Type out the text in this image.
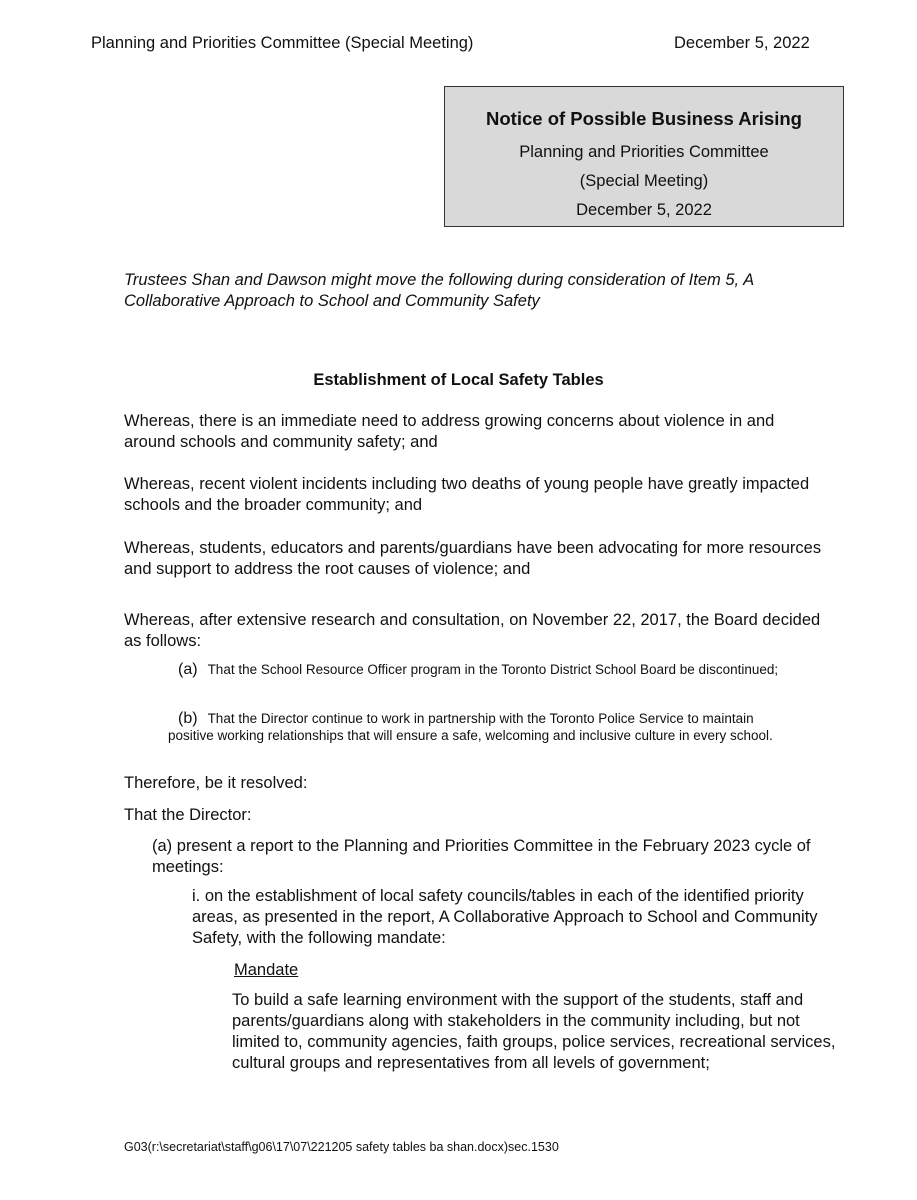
Planning and Priorities Committee (Special Meeting)	December 5, 2022
Notice of Possible Business Arising
Planning and Priorities Committee
(Special Meeting)
December 5, 2022
Trustees Shan and Dawson might move the following during consideration of Item 5, A Collaborative Approach to School and Community Safety
Establishment of Local Safety Tables
Whereas, there is an immediate need to address growing concerns about violence in and around schools and community safety; and
Whereas, recent violent incidents including two deaths of young people have greatly impacted schools and the broader community; and
Whereas, students, educators and parents/guardians have been advocating for more resources and support to address the root causes of violence; and
Whereas, after extensive research and consultation, on November 22, 2017, the Board decided as follows:
(a) That the School Resource Officer program in the Toronto District School Board be discontinued;
(b) That the Director continue to work in partnership with the Toronto Police Service to maintain positive working relationships that will ensure a safe, welcoming and inclusive culture in every school.
Therefore, be it resolved:
That the Director:
(a) present a report to the Planning and Priorities Committee in the February 2023 cycle of meetings:
i. on the establishment of local safety councils/tables in each of the identified priority areas, as presented in the report, A Collaborative Approach to School and Community Safety, with the following mandate:
Mandate
To build a safe learning environment with the support of the students, staff and parents/guardians along with stakeholders in the community including, but not limited to, community agencies, faith groups, police services, recreational services, cultural groups and representatives from all levels of government;
G03(r:\secretariat\staff\g06\17\07\221205 safety tables ba shan.docx)sec.1530
